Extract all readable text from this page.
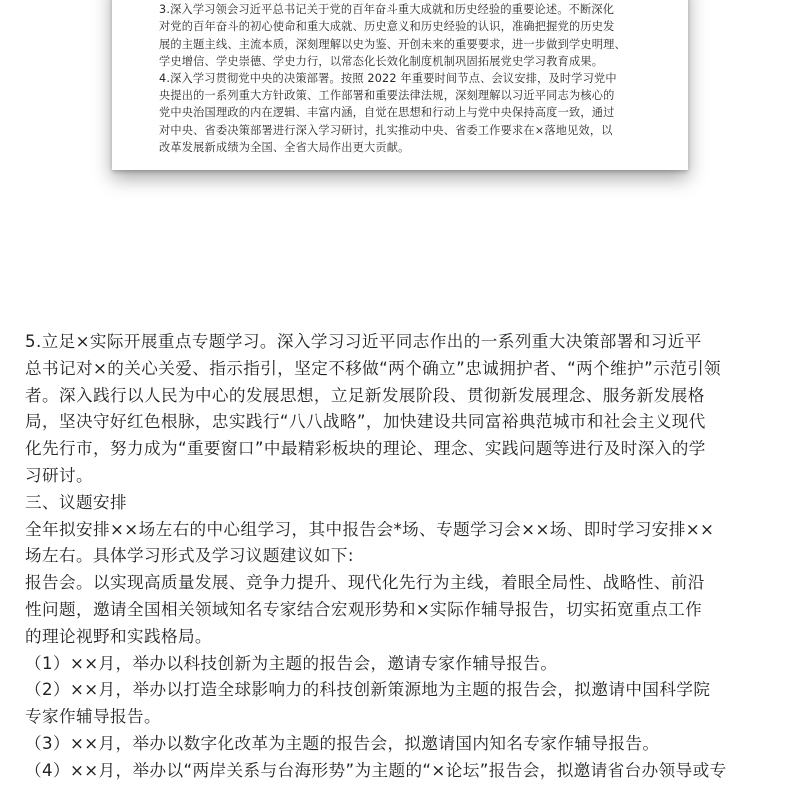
3.深入学习领会习近平总书记关于党的百年奋斗重大成就和历史经验的重要论述。不断深化

对党的百年奋斗的初心使命和重大成就、历史意义和历史经验的认识，准确把握党的历史发

展的主题主线、主流本质，深刻理解以史为鉴、开创未来的重要要求，进一步做到学史明理、

学史增信、学史崇德、学史力行，以常态化长效化制度机制巩固拓展党史学习教育成果。

4.深入学习贯彻党中央的决策部署。按照 2022 年重要时间节点、会议安排，及时学习党中

央提出的一系列重大方针政策、工作部署和重要法律法规，深刻理解以习近平同志为核心的

党中央治国理政的内在逻辑、丰富内涵，自觉在思想和行动上与党中央保持高度一致，通过

对中央、省委决策部署进行深入学习研讨，扎实推动中央、省委工作要求在×落地见效，以

改革发展新成绩为全国、全省大局作出更大贡献。

5.立足×实际开展重点专题学习。深入学习习近平同志作出的一系列重大决策部署和习近平

总书记对×的关心关爱、指示指引，坚定不移做“两个确立”忠诚拥护者、“两个维护”示范引领

者。深入践行以人民为中心的发展思想，立足新发展阶段、贯彻新发展理念、服务新发展格

局，坚决守好红色根脉，忠实践行“八八战略”，加快建设共同富裕典范城市和社会主义现代

化先行市，努力成为“重要窗口”中最精彩板块的理论、理念、实践问题等进行及时深入的学

习研讨。

三、议题安排

全年拟安排××场左右的中心组学习，其中报告会*场、专题学习会××场、即时学习安排××

场左右。具体学习形式及学习议题建议如下:

报告会。以实现高质量发展、竞争力提升、现代化先行为主线，着眼全局性、战略性、前沿

性问题，邀请全国相关领域知名专家结合宏观形势和×实际作辅导报告，切实拓宽重点工作

的理论视野和实践格局。

（1）××月，举办以科技创新为主题的报告会，邀请专家作辅导报告。

（2）××月，举办以打造全球影响力的科技创新策源地为主题的报告会，拟邀请中国科学院

专家作辅导报告。

（3）××月，举办以数字化改革为主题的报告会，拟邀请国内知名专家作辅导报告。

（4）××月，举办以“两岸关系与台海形势”为主题的“×论坛”报告会，拟邀请省台办领导或专
